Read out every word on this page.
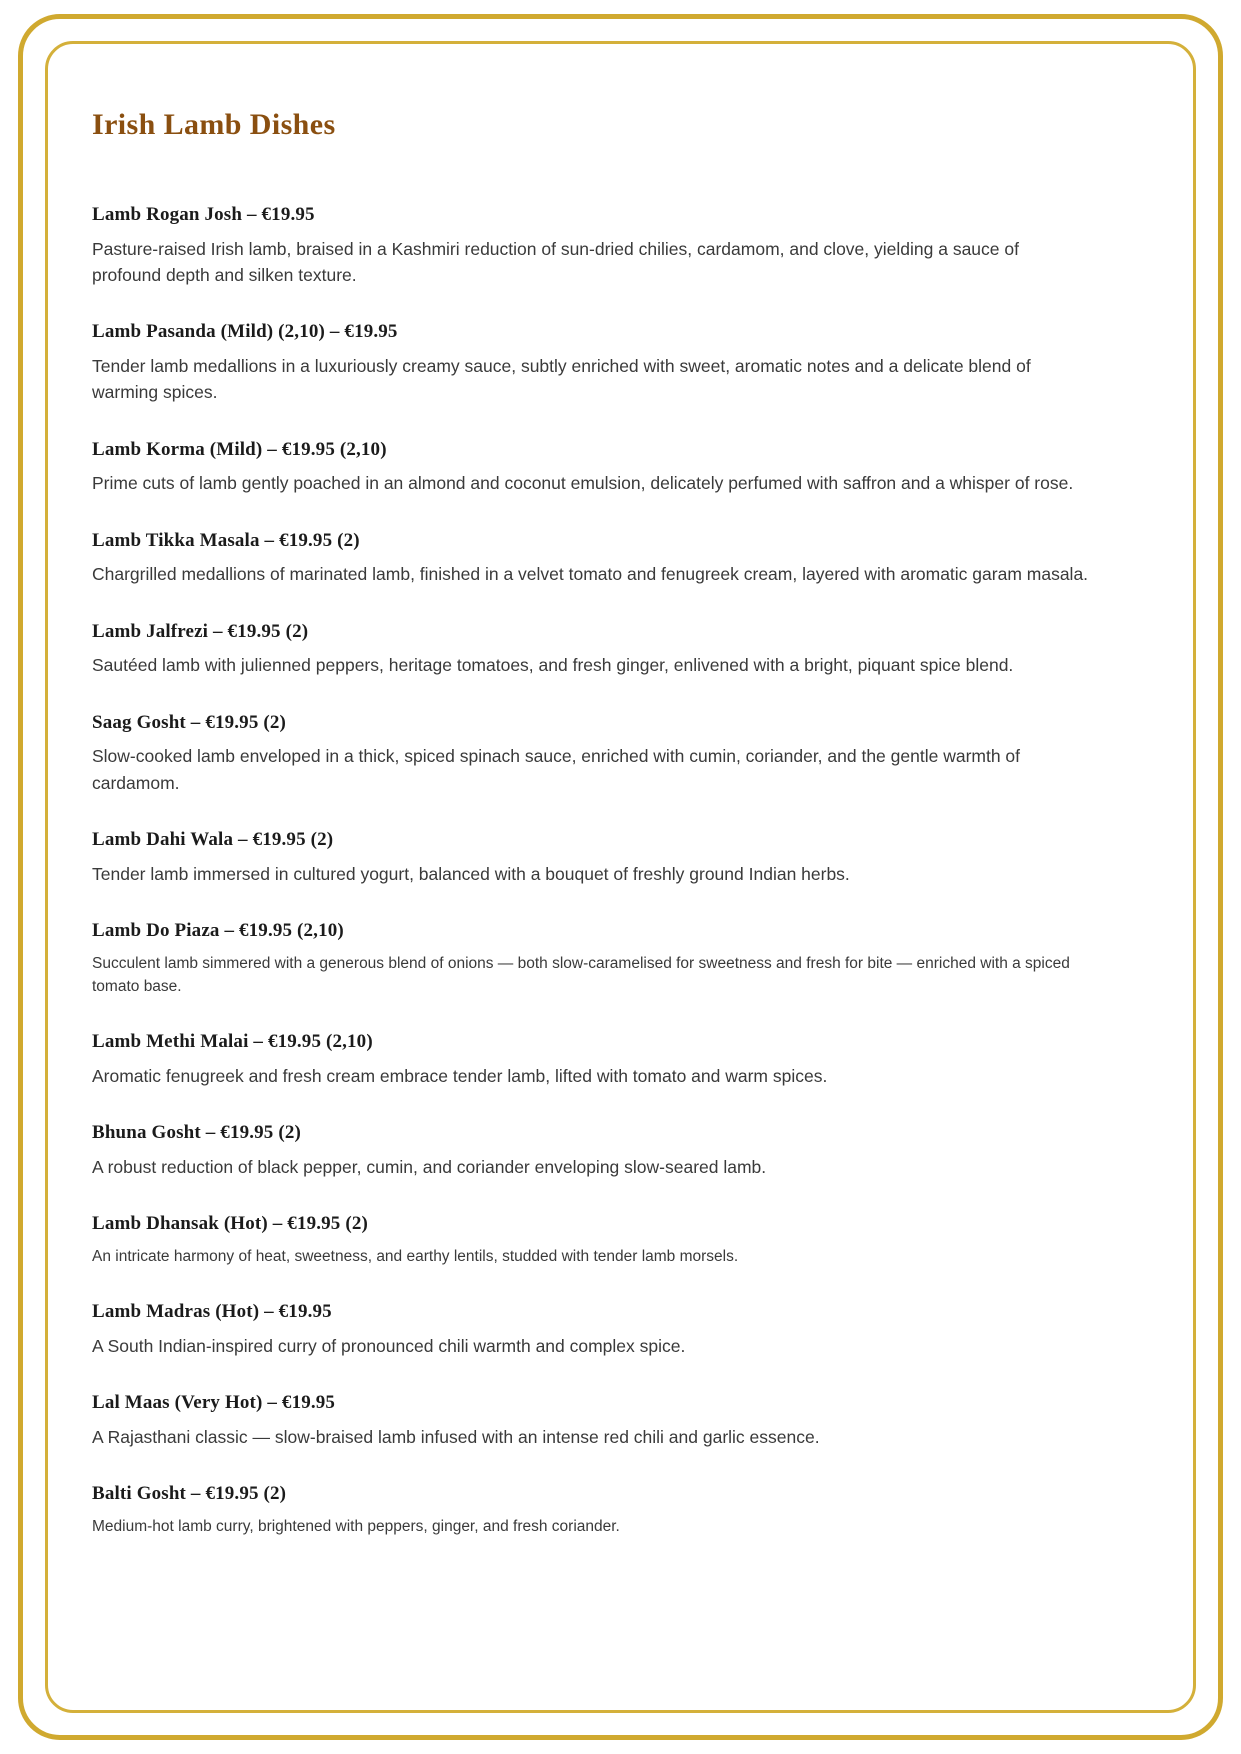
Irish Lamb Dishes
Lamb Rogan Josh – €19.95

Pasture-raised Irish lamb, braised in a Kashmiri reduction of sun-dried chilies, cardamom, and clove, yielding a sauce of profound depth and silken texture.

Lamb Pasanda (Mild) (2,10) – €19.95

Tender lamb medallions in a luxuriously creamy sauce, subtly enriched with sweet, aromatic notes and a delicate blend of warming spices.

Lamb Korma (Mild) – €19.95 (2,10)

Prime cuts of lamb gently poached in an almond and coconut emulsion, delicately perfumed with saffron and a whisper of rose.

Lamb Tikka Masala – €19.95 (2)

Chargrilled medallions of marinated lamb, finished in a velvet tomato and fenugreek cream, layered with aromatic garam masala.

Lamb Jalfrezi – €19.95 (2)

Sautéed lamb with julienned peppers, heritage tomatoes, and fresh ginger, enlivened with a bright, piquant spice blend.

Saag Gosht – €19.95 (2)

Slow-cooked lamb enveloped in a thick, spiced spinach sauce, enriched with cumin, coriander, and the gentle warmth of cardamom.

Lamb Dahi Wala – €19.95 (2)

Tender lamb immersed in cultured yogurt, balanced with a bouquet of freshly ground Indian herbs.

Lamb Do Piaza – €19.95 (2,10)

Succulent lamb simmered with a generous blend of onions — both slow-caramelised for sweetness and fresh for bite — enriched with a spiced tomato base.

Lamb Methi Malai – €19.95 (2,10)

Aromatic fenugreek and fresh cream embrace tender lamb, lifted with tomato and warm spices.

Bhuna Gosht – €19.95 (2)

A robust reduction of black pepper, cumin, and coriander enveloping slow-seared lamb.

Lamb Dhansak (Hot) – €19.95 (2)

An intricate harmony of heat, sweetness, and earthy lentils, studded with tender lamb morsels.

Lamb Madras (Hot) – €19.95

A South Indian-inspired curry of pronounced chili warmth and complex spice.

Lal Maas (Very Hot) – €19.95

A Rajasthani classic — slow-braised lamb infused with an intense red chili and garlic essence.

Balti Gosht – €19.95 (2)

Medium-hot lamb curry, brightened with peppers, ginger, and fresh coriander.
